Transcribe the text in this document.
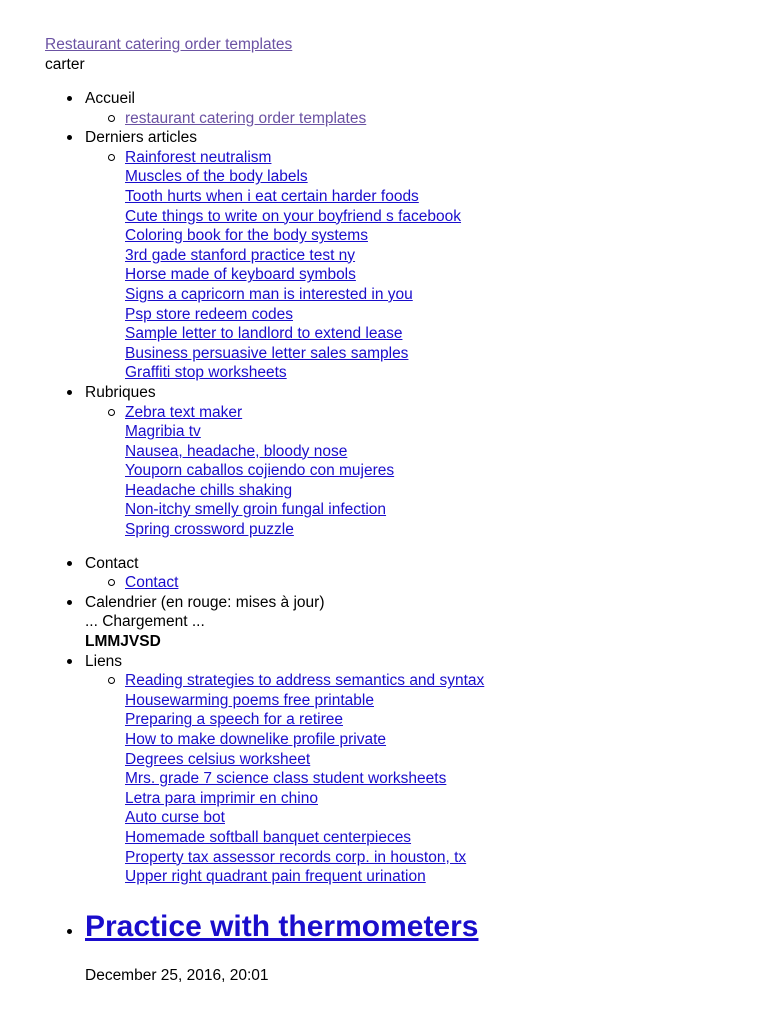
Restaurant catering order templates
carter
Accueil
restaurant catering order templates
Derniers articles
Rainforest neutralism
Muscles of the body labels
Tooth hurts when i eat certain harder foods
Cute things to write on your boyfriend s facebook
Coloring book for the body systems
3rd gade stanford practice test ny
Horse made of keyboard symbols
Signs a capricorn man is interested in you
Psp store redeem codes
Sample letter to landlord to extend lease
Business persuasive letter sales samples
Graffiti stop worksheets
Rubriques
Zebra text maker
Magribia tv
Nausea, headache, bloody nose
Youporn caballos cojiendo con mujeres
Headache chills shaking
Non-itchy smelly groin fungal infection
Spring crossword puzzle
Contact
Contact
Calendrier (en rouge: mises à jour)
... Chargement ...
LMMJVSD
Liens
Reading strategies to address semantics and syntax
Housewarming poems free printable
Preparing a speech for a retiree
How to make downelike profile private
Degrees celsius worksheet
Mrs. grade 7 science class student worksheets
Letra para imprimir en chino
Auto curse bot
Homemade softball banquet centerpieces
Property tax assessor records corp. in houston, tx
Upper right quadrant pain frequent urination
Practice with thermometers
December 25, 2016, 20:01
